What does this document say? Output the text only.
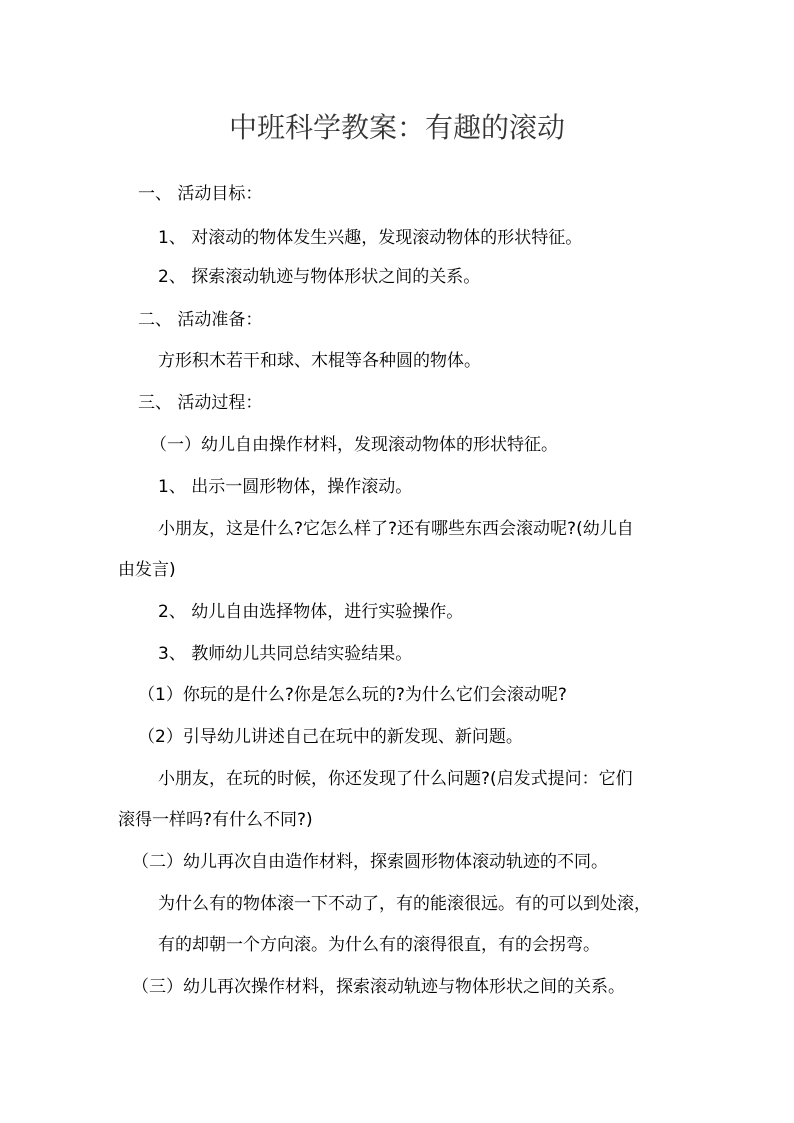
中班科学教案：有趣的滚动
一、 活动目标：
1、 对滚动的物体发生兴趣，发现滚动物体的形状特征。
2、 探索滚动轨迹与物体形状之间的关系。
二、 活动准备：
方形积木若干和球、木棍等各种圆的物体。
三、 活动过程：
（一）幼儿自由操作材料，发现滚动物体的形状特征。
1、 出示一圆形物体，操作滚动。
小朋友，这是什么?它怎么样了?还有哪些东西会滚动呢?(幼儿自
由发言)
2、 幼儿自由选择物体，进行实验操作。
3、 教师幼儿共同总结实验结果。
（1）你玩的是什么?你是怎么玩的?为什么它们会滚动呢?
（2）引导幼儿讲述自己在玩中的新发现、新问题。
小朋友，在玩的时候，你还发现了什么问题?(启发式提问：它们
滚得一样吗?有什么不同?)
（二）幼儿再次自由造作材料，探索圆形物体滚动轨迹的不同。
为什么有的物体滚一下不动了，有的能滚很远。有的可以到处滚，
有的却朝一个方向滚。为什么有的滚得很直，有的会拐弯。
（三）幼儿再次操作材料，探索滚动轨迹与物体形状之间的关系。
